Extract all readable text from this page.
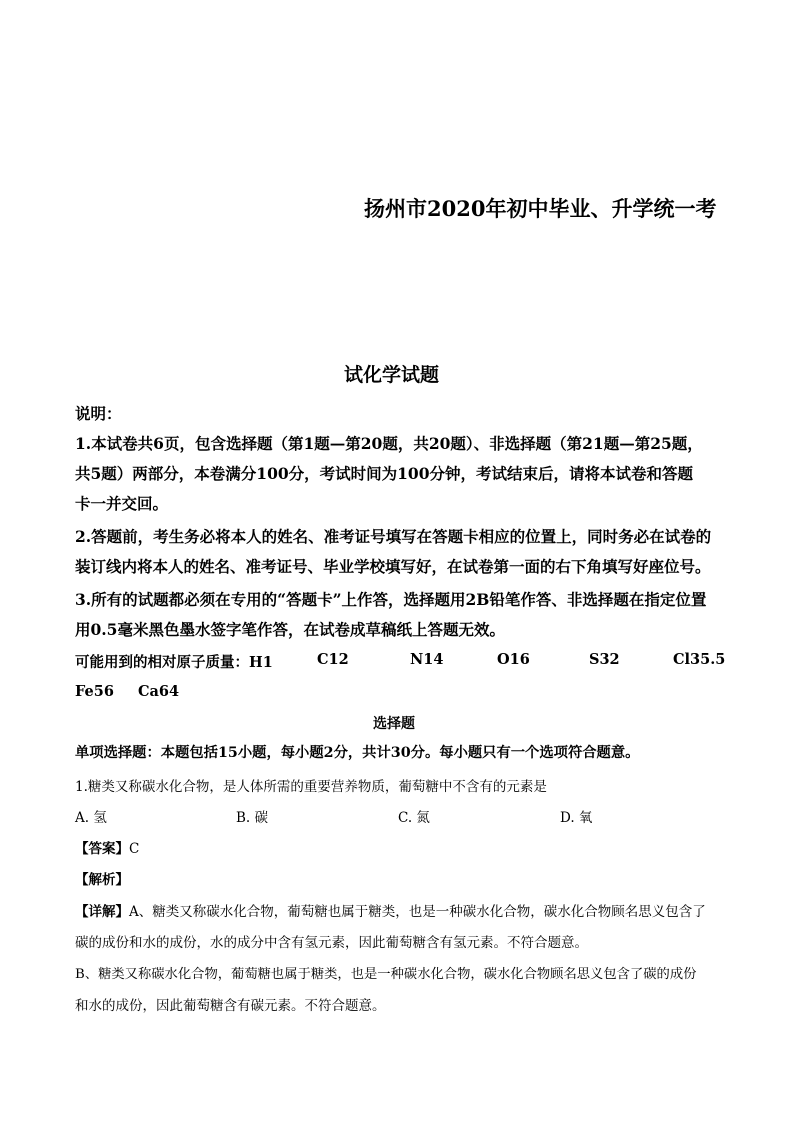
扬州市2020年初中毕业、升学统一考
试化学试题
说明：
1.本试卷共6页，包含选择题（第1题—第20题，共20题）、非选择题（第21题—第25题，
共5题）两部分，本卷满分100分，考试时间为100分钟，考试结束后，请将本试卷和答题
卡一并交回。
2.答题前，考生务必将本人的姓名、准考证号填写在答题卡相应的位置上，同时务必在试卷的
装订线内将本人的姓名、准考证号、毕业学校填写好，在试卷第一面的右下角填写好座位号。
3.所有的试题都必须在专用的“答题卡”上作答，选择题用2B铅笔作答、非选择题在指定位置
用0.5毫米黑色墨水签字笔作答，在试卷成草稿纸上答题无效。
可能用到的相对原子质量：H1	C12	N14	O16	S32	Cl35.5
Fe56 Ca64
选择题
单项选择题：本题包括15小题，每小题2分，共计30分。每小题只有一个选项符合题意。
1.糖类又称碳水化合物，是人体所需的重要营养物质，葡萄糖中不含有的元素是
A. 氢	B. 碳	C. 氮	D. 氧
【答案】C
【解析】
【详解】A、糖类又称碳水化合物，葡萄糖也属于糖类，也是一种碳水化合物，碳水化合物顾名思义包含了
碳的成份和水的成份，水的成分中含有氢元素，因此葡萄糖含有氢元素。不符合题意。
B、糖类又称碳水化合物，葡萄糖也属于糖类，也是一种碳水化合物，碳水化合物顾名思义包含了碳的成份
和水的成份，因此葡萄糖含有碳元素。不符合题意。
